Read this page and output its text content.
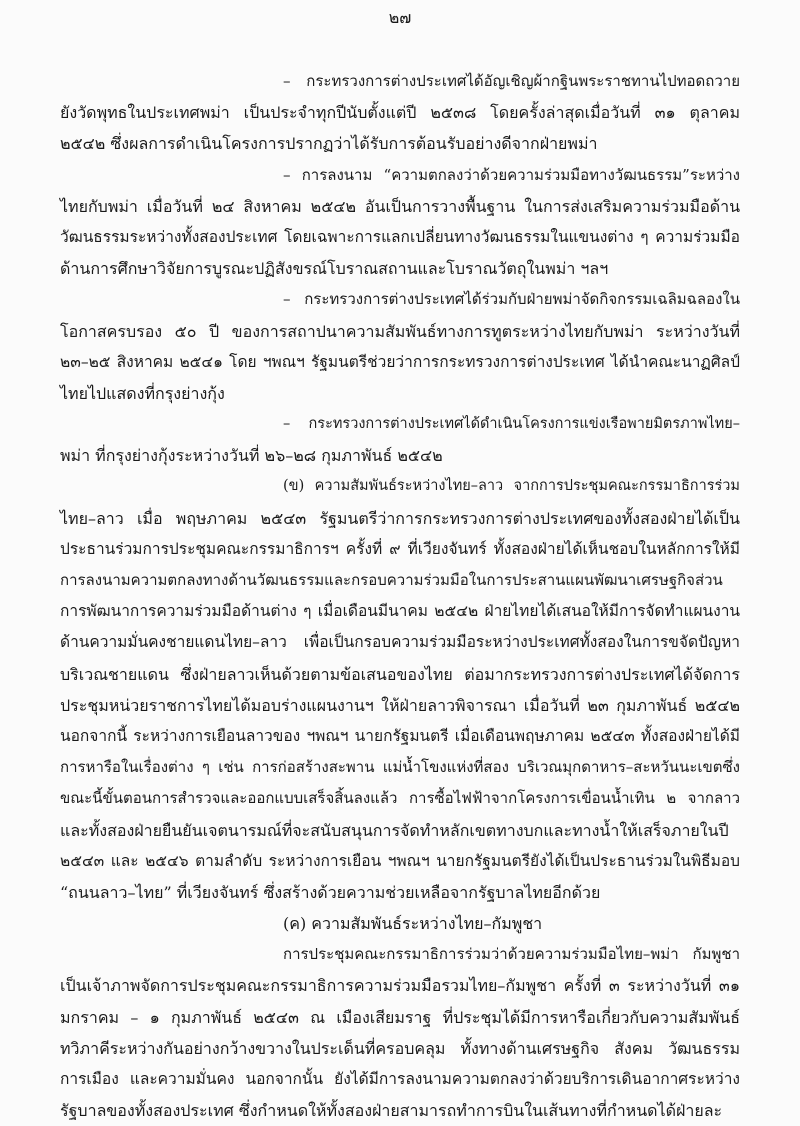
๒๗
– กระทรวงการต่างประเทศได้อัญเชิญผ้ากฐินพระราชทานไปทอดถวาย
ยังวัดพุทธในประเทศพม่า เป็นประจำทุกปีนับตั้งแต่ปี ๒๕๓๘ โดยครั้งล่าสุดเมื่อวันที่ ๓๑ ตุลาคม
๒๕๔๒ ซึ่งผลการดำเนินโครงการปรากฏว่าได้รับการต้อนรับอย่างดีจากฝ่ายพม่า
– การลงนาม “ความตกลงว่าด้วยความร่วมมือทางวัฒนธรรม”ระหว่าง
ไทยกับพม่า เมื่อวันที่ ๒๔ สิงหาคม ๒๕๔๒ อันเป็นการวางพื้นฐาน ในการส่งเสริมความร่วมมือด้าน
วัฒนธรรมระหว่างทั้งสองประเทศ โดยเฉพาะการแลกเปลี่ยนทางวัฒนธรรมในแขนงต่าง ๆ ความร่วมมือ
ด้านการศึกษาวิจัยการบูรณะปฏิสังขรณ์โบราณสถานและโบราณวัตถุในพม่า ฯลฯ
– กระทรวงการต่างประเทศได้ร่วมกับฝ่ายพม่าจัดกิจกรรมเฉลิมฉลองใน
โอกาสครบรอง ๕๐ ปี ของการสถาปนาความสัมพันธ์ทางการทูตระหว่างไทยกับพม่า ระหว่างวันที่
๒๓–๒๕ สิงหาคม ๒๕๔๑ โดย ฯพณฯ รัฐมนตรีช่วยว่าการกระทรวงการต่างประเทศ ได้นำคณะนาฏศิลป์
ไทยไปแสดงที่กรุงย่างกุ้ง
– กระทรวงการต่างประเทศได้ดำเนินโครงการแข่งเรือพายมิตรภาพไทย–
พม่า ที่กรุงย่างกุ้งระหว่างวันที่ ๒๖–๒๘ กุมภาพันธ์ ๒๕๔๒
(ข) ความสัมพันธ์ระหว่างไทย–ลาว จากการประชุมคณะกรรมาธิการร่วม
ไทย–ลาว เมื่อ พฤษภาคม ๒๕๔๓ รัฐมนตรีว่าการกระทรวงการต่างประเทศของทั้งสองฝ่ายได้เป็น
ประธานร่วมการประชุมคณะกรรมาธิการฯ ครั้งที่ ๙ ที่เวียงจันทร์ ทั้งสองฝ่ายได้เห็นชอบในหลักการให้มี
การลงนามความตกลงทางด้านวัฒนธรรมและกรอบความร่วมมือในการประสานแผนพัฒนาเศรษฐกิจส่วน
การพัฒนาการความร่วมมือด้านต่าง ๆ เมื่อเดือนมีนาคม ๒๕๔๒ ฝ่ายไทยได้เสนอให้มีการจัดทำแผนงาน
ด้านความมั่นคงชายแดนไทย–ลาว เพื่อเป็นกรอบความร่วมมือระหว่างประเทศทั้งสองในการขจัดปัญหา
บริเวณชายแดน ซึ่งฝ่ายลาวเห็นด้วยตามข้อเสนอของไทย ต่อมากระทรวงการต่างประเทศได้จัดการ
ประชุมหน่วยราชการไทยได้มอบร่างแผนงานฯ ให้ฝ่ายลาวพิจารณา เมื่อวันที่ ๒๓ กุมภาพันธ์ ๒๕๔๒
นอกจากนี้ ระหว่างการเยือนลาวของ ฯพณฯ นายกรัฐมนตรี เมื่อเดือนพฤษภาคม ๒๕๔๓ ทั้งสองฝ่ายได้มี
การหารือในเรื่องต่าง ๆ เช่น การก่อสร้างสะพาน แม่น้ำโขงแห่งที่สอง บริเวณมุกดาหาร–สะหวันนะเขตซึ่ง
ขณะนี้ขั้นตอนการสำรวจและออกแบบเสร็จสิ้นลงแล้ว การซื้อไฟฟ้าจากโครงการเขื่อนน้ำเทิน ๒ จากลาว
และทั้งสองฝ่ายยืนยันเจตนารมณ์ที่จะสนับสนุนการจัดทำหลักเขตทางบกและทางน้ำให้เสร็จภายในปี
๒๕๔๓ และ ๒๕๔๖ ตามลำดับ ระหว่างการเยือน ฯพณฯ นายกรัฐมนตรียังได้เป็นประธานร่วมในพิธีมอบ
“ถนนลาว–ไทย” ที่เวียงจันทร์ ซึ่งสร้างด้วยความช่วยเหลือจากรัฐบาลไทยอีกด้วย
(ค) ความสัมพันธ์ระหว่างไทย–กัมพูชา
การประชุมคณะกรรมาธิการร่วมว่าด้วยความร่วมมือไทย–พม่า กัมพูชา
เป็นเจ้าภาพจัดการประชุมคณะกรรมาธิการความร่วมมือรวมไทย–กัมพูชา ครั้งที่ ๓ ระหว่างวันที่ ๓๑
มกราคม – ๑ กุมภาพันธ์ ๒๕๔๓ ณ เมืองเสียมราฐ ที่ประชุมได้มีการหารือเกี่ยวกับความสัมพันธ์
ทวิภาคีระหว่างกันอย่างกว้างขวางในประเด็นที่ครอบคลุม ทั้งทางด้านเศรษฐกิจ สังคม วัฒนธรรม
การเมือง และความมั่นคง นอกจากนั้น ยังได้มีการลงนามความตกลงว่าด้วยบริการเดินอากาศระหว่าง
รัฐบาลของทั้งสองประเทศ ซึ่งกำหนดให้ทั้งสองฝ่ายสามารถทำการบินในเส้นทางที่กำหนดได้ฝ่ายละ
